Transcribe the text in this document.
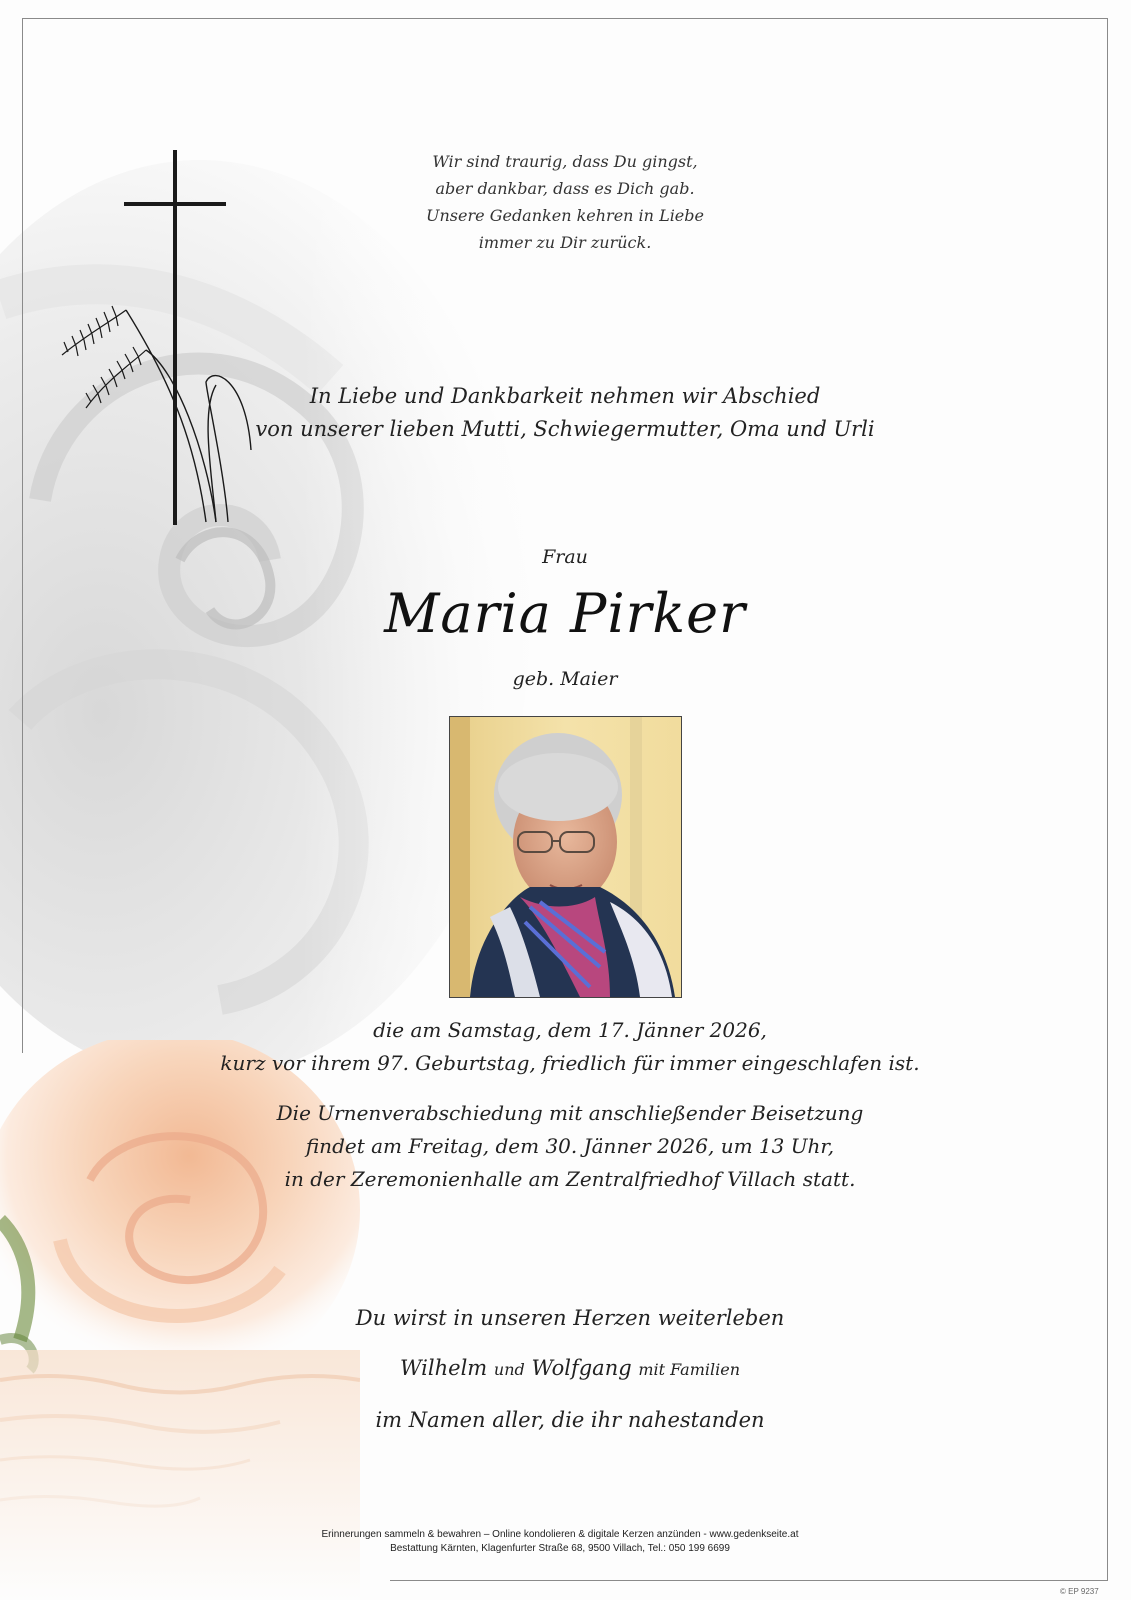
Wir sind traurig, dass Du gingst,
aber dankbar, dass es Dich gab.
Unsere Gedanken kehren in Liebe
immer zu Dir zurück.
In Liebe und Dankbarkeit nehmen wir Abschied
von unserer lieben Mutti, Schwiegermutter, Oma und Urli
Frau
Maria Pirker
geb. Maier
die am Samstag, dem 17. Jänner 2026,
kurz vor ihrem 97. Geburtstag, friedlich für immer eingeschlafen ist.
Die Urnenverabschiedung mit anschließender Beisetzung
findet am Freitag, dem 30. Jänner 2026, um 13 Uhr,
in der Zeremonienhalle am Zentralfriedhof Villach statt.
Du wirst in unseren Herzen weiterleben
Wilhelm und Wolfgang mit Familien
im Namen aller, die ihr nahestanden
Erinnerungen sammeln & bewahren – Online kondolieren & digitale Kerzen anzünden - www.gedenkseite.at
Bestattung Kärnten, Klagenfurter Straße 68, 9500 Villach, Tel.: 050 199 6699
© EP 9237
